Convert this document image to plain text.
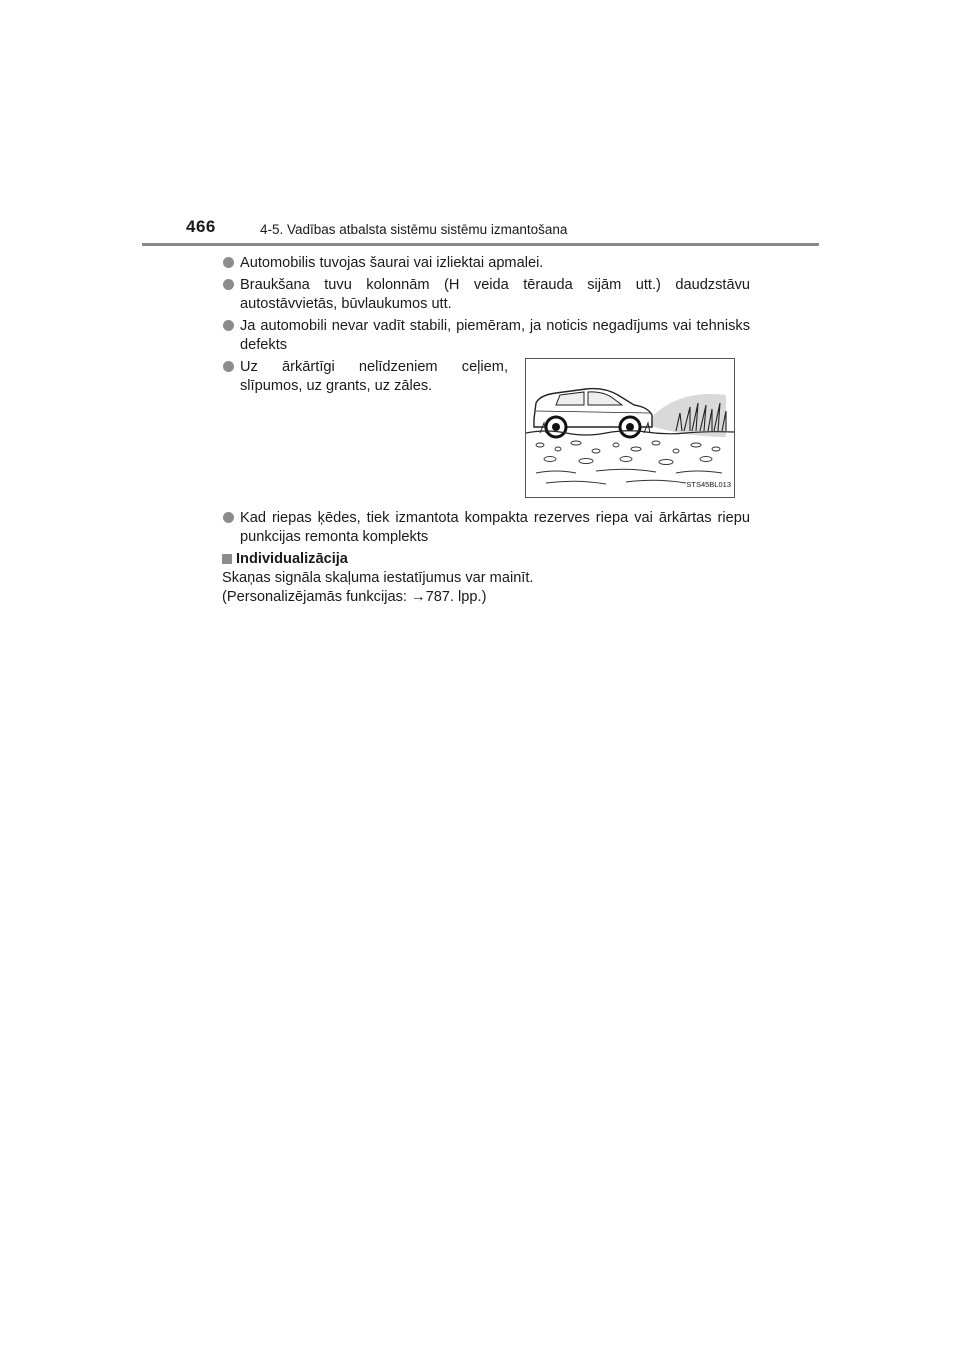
466	4-5. Vadības atbalsta sistēmu sistēmu izmantošana
Automobilis tuvojas šaurai vai izliektai apmalei.
Braukšana tuvu kolonnām (H veida tērauda sijām utt.) daudzstāvu autostāvvietās, būvlaukumos utt.
Ja automobili nevar vadīt stabili, piemēram, ja noticis negadījums vai tehnisks defekts
Uz ārkārtīgi nelīdzeniem ceļiem, slīpumos, uz grants, uz zāles.
STS45BL013
Kad riepas ķēdes, tiek izmantota kompakta rezerves riepa vai ārkārtas riepu punkcijas remonta komplekts
Individualizācija
Skaņas signāla skaļuma iestatījumus var mainīt.
(Personalizējamās funkcijas: →787. lpp.)
